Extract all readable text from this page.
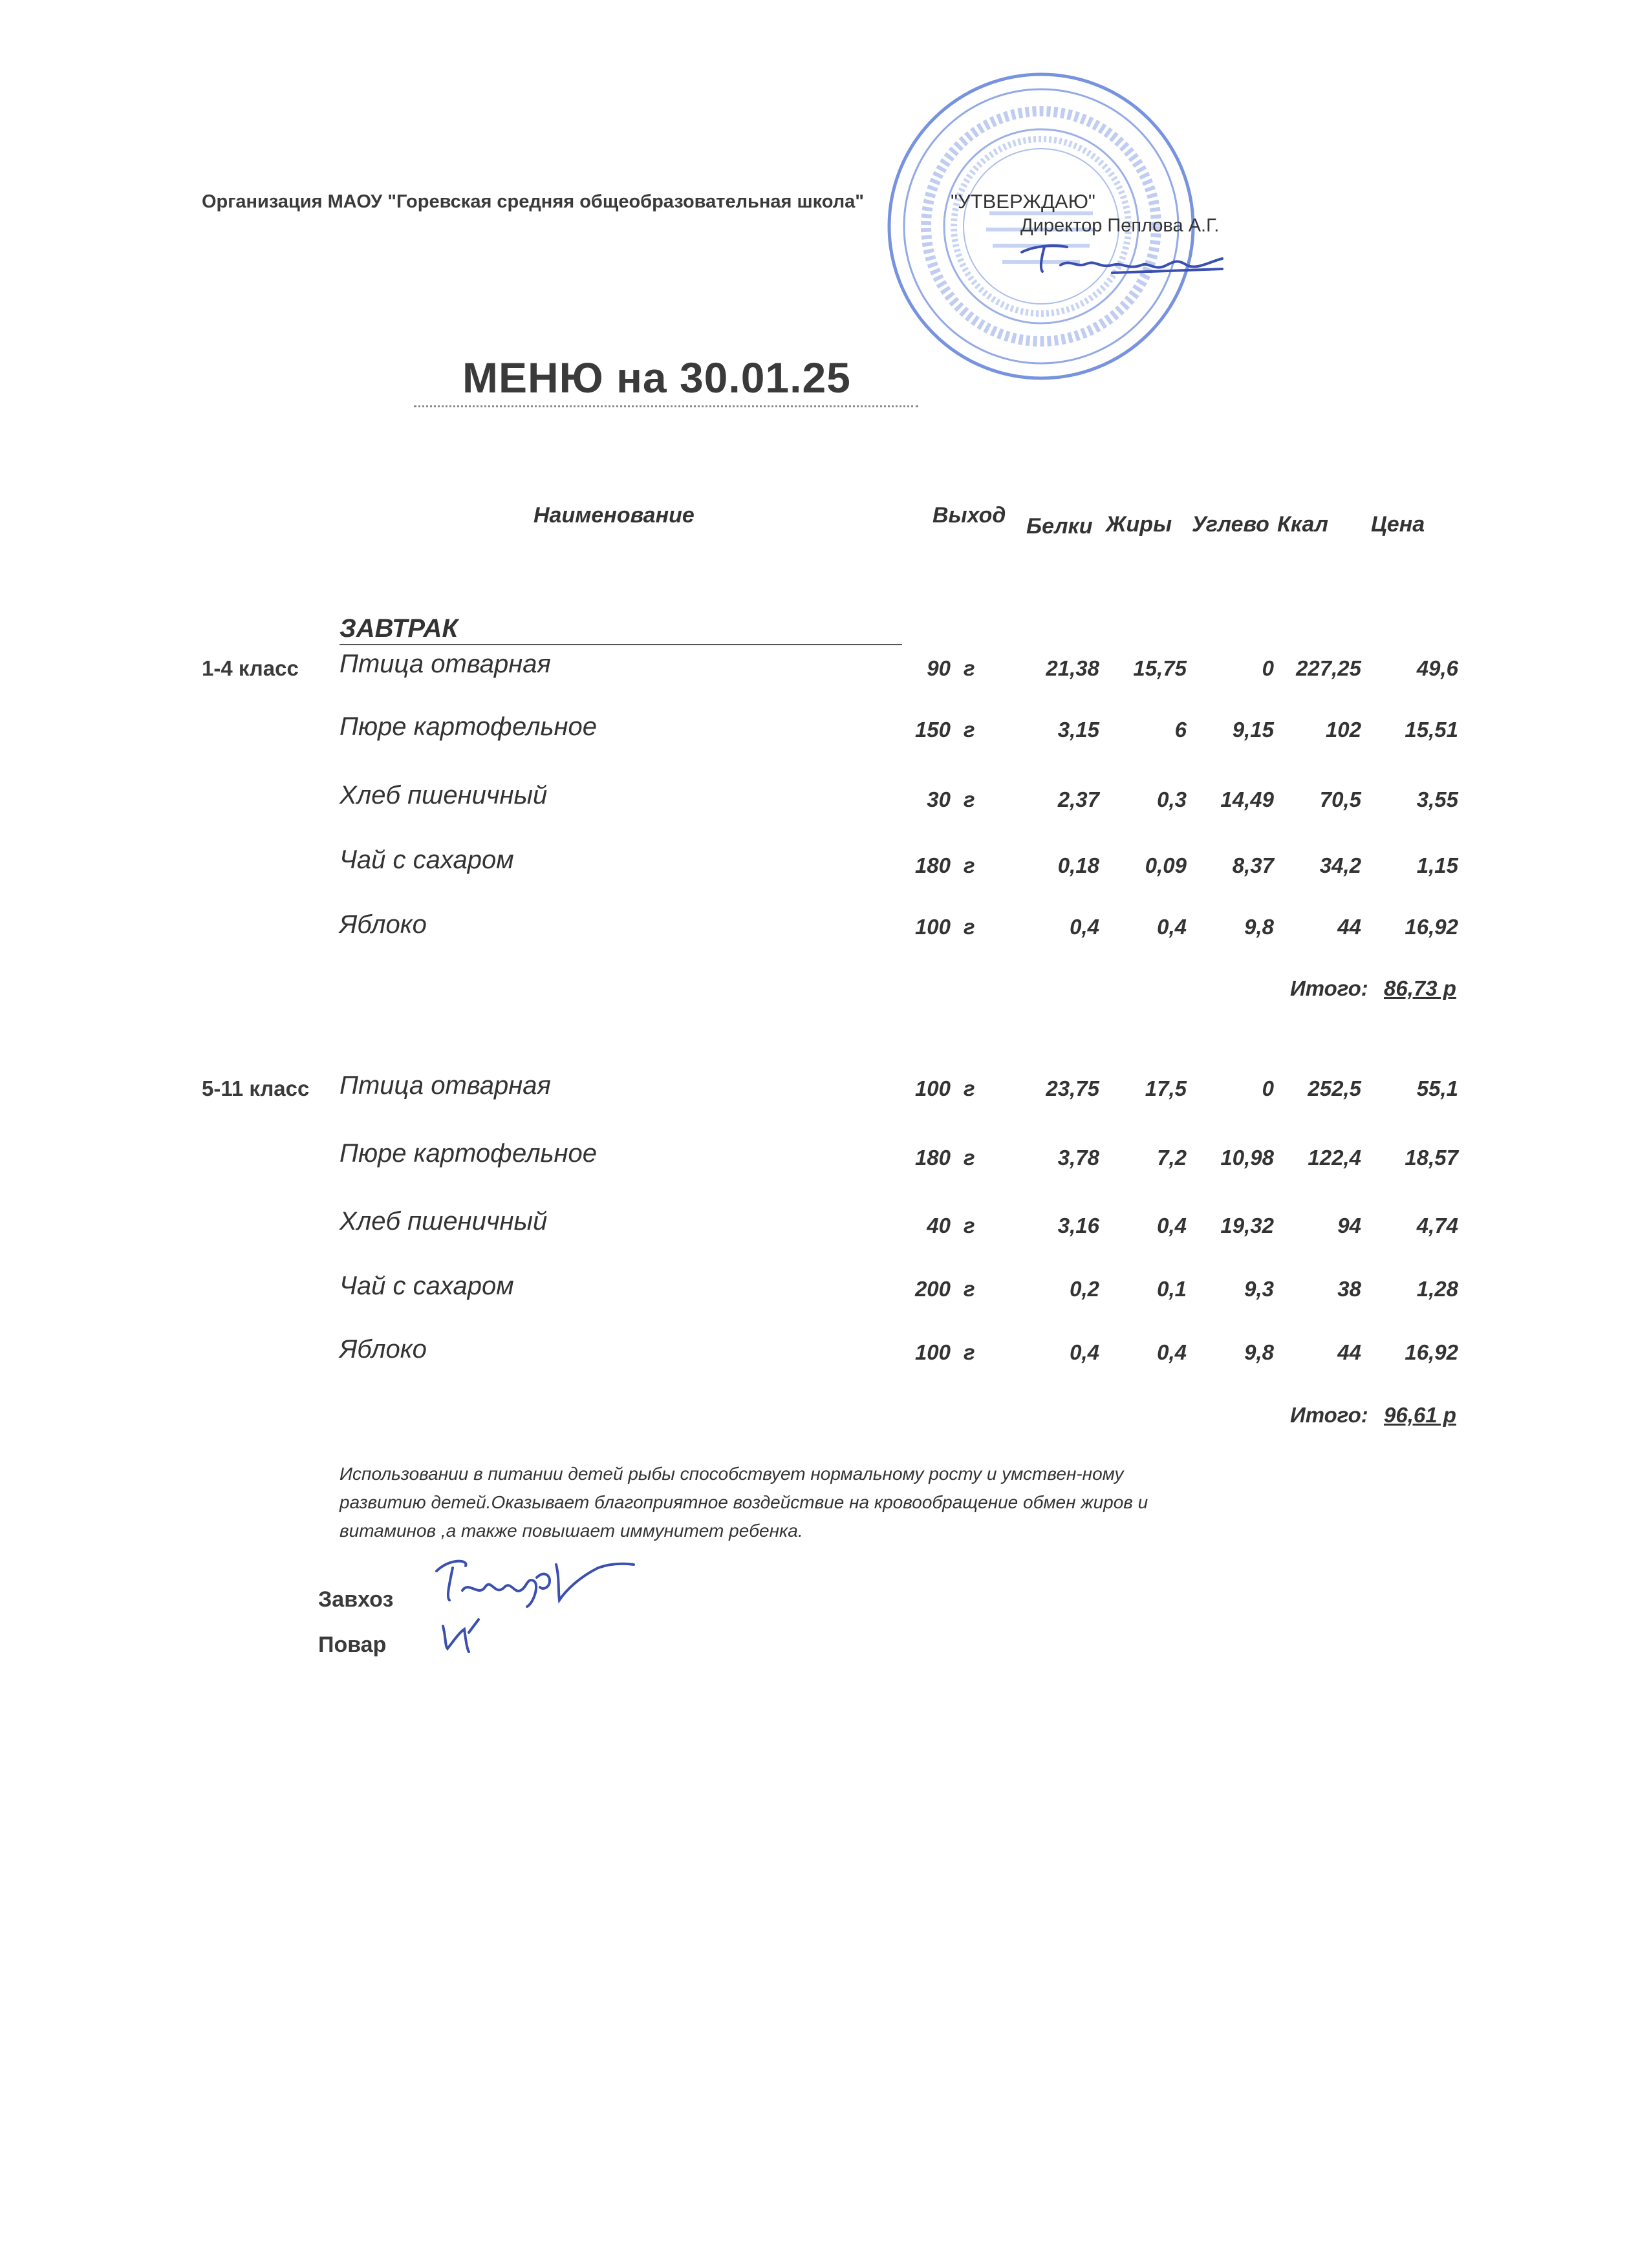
Организация МАОУ "Горевская средняя общеобразовательная школа"	"УТВЕРЖДАЮ"
Директор Пеплова А.Г.
МЕНЮ на 30.01.25
Наименование	Выход Белки Жиры Углево Ккал Цена
ЗАВТРАК
1-4 класс Птица отварная	90 г	21,38	15,75	0	227,25	49,6
Пюре картофельное	150 г	3,15	6	9,15	102	15,51
Хлеб пшеничный	30 г	2,37	0,3	14,49	70,5	3,55
Чай с сахаром	180 г	0,18	0,09	8,37	34,2	1,15
Яблоко	100 г	0,4	0,4	9,8	44	16,92
Итого: 86,73 р
5-11 класс Птица отварная	100 г	23,75	17,5	0	252,5	55,1
Пюре картофельное	180 г	3,78	7,2	10,98	122,4	18,57
Хлеб пшеничный	40 г	3,16	0,4	19,32	94	4,74
Чай с сахаром	200 г	0,2	0,1	9,3	38	1,28
Яблоко	100 г	0,4	0,4	9,8	44	16,92
Итого: 96,61 р
Использовании в питании детей рыбы способствует нормальному росту и умствен-ному развитию детей.Оказывает благоприятное воздействие на кровообращение обмен жиров и витаминов ,а также повышает иммунитет ребенка.
Завхоз
Повар
